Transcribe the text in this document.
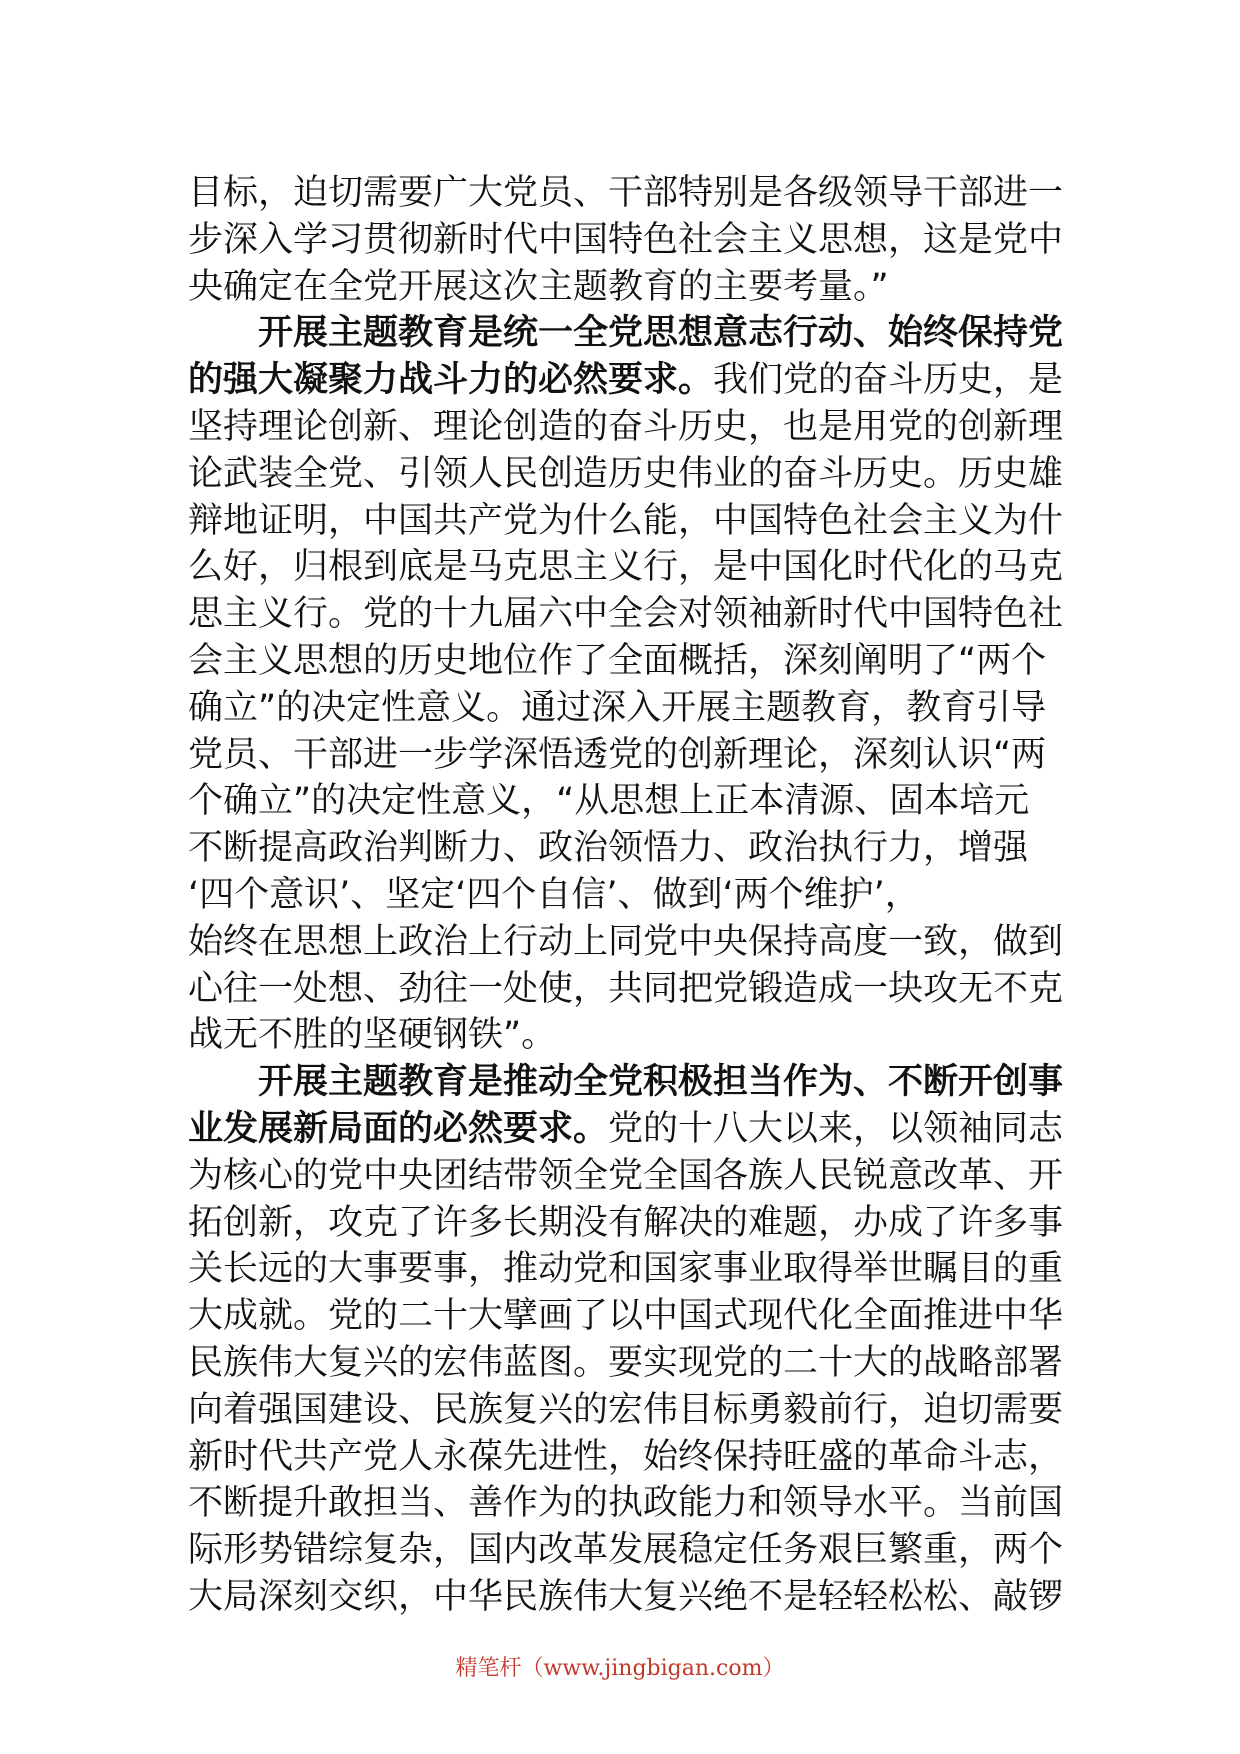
目标，迫切需要广大党员、干部特别是各级领导干部进一
步深入学习贯彻新时代中国特色社会主义思想，这是党中
央确定在全党开展这次主题教育的主要考量。”
开展主题教育是统一全党思想意志行动、始终保持党
的强大凝聚力战斗力的必然要求。我们党的奋斗历史，是
坚持理论创新、理论创造的奋斗历史，也是用党的创新理
论武装全党、引领人民创造历史伟业的奋斗历史。历史雄
辩地证明，中国共产党为什么能，中国特色社会主义为什
么好，归根到底是马克思主义行，是中国化时代化的马克
思主义行。党的十九届六中全会对领袖新时代中国特色社
会主义思想的历史地位作了全面概括，深刻阐明了“两个
确立”的决定性意义。通过深入开展主题教育，教育引导
党员、干部进一步学深悟透党的创新理论，深刻认识“两
个确立”的决定性意义，“从思想上正本清源、固本培元
不断提高政治判断力、政治领悟力、政治执行力，增强
‘四个意识’、坚定‘四个自信’、做到‘两个维护’，
始终在思想上政治上行动上同党中央保持高度一致，做到
心往一处想、劲往一处使，共同把党锻造成一块攻无不克
战无不胜的坚硬钢铁”。
开展主题教育是推动全党积极担当作为、不断开创事
业发展新局面的必然要求。党的十八大以来，以领袖同志
为核心的党中央团结带领全党全国各族人民锐意改革、开
拓创新，攻克了许多长期没有解决的难题，办成了许多事
关长远的大事要事，推动党和国家事业取得举世瞩目的重
大成就。党的二十大擘画了以中国式现代化全面推进中华
民族伟大复兴的宏伟蓝图。要实现党的二十大的战略部署
向着强国建设、民族复兴的宏伟目标勇毅前行，迫切需要
新时代共产党人永葆先进性，始终保持旺盛的革命斗志，
不断提升敢担当、善作为的执政能力和领导水平。当前国
际形势错综复杂，国内改革发展稳定任务艰巨繁重，两个
大局深刻交织，中华民族伟大复兴绝不是轻轻松松、敲锣
精笔杆（www.jingbigan.com）
